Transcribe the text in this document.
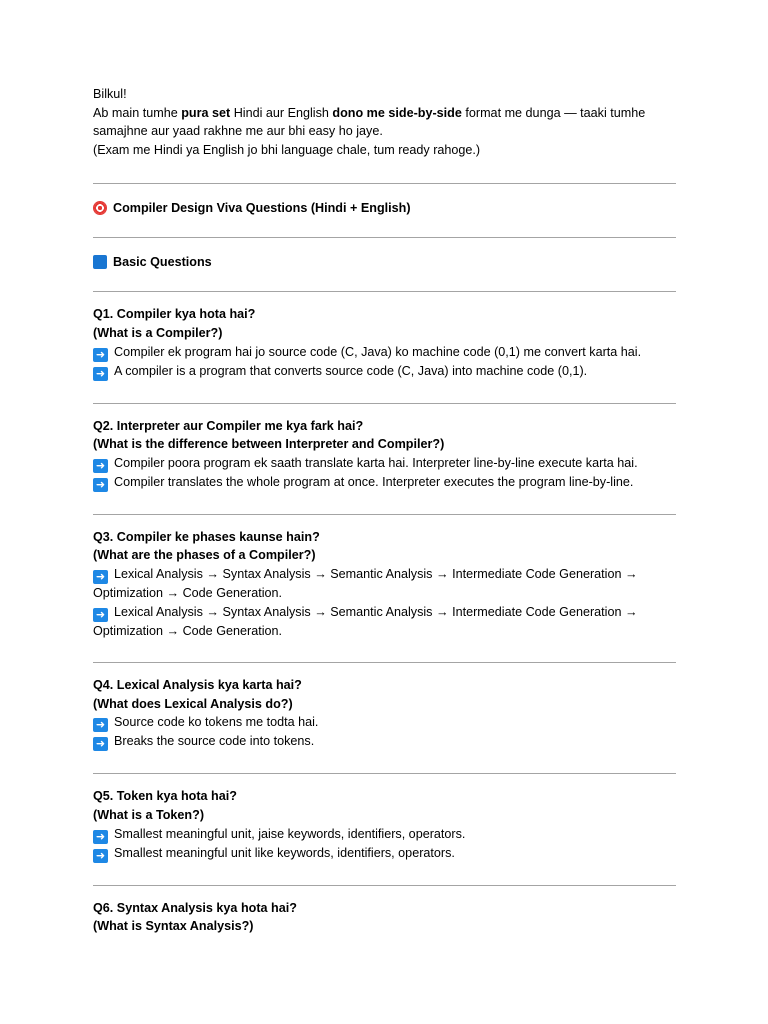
Bilkul!

Ab main tumhe pura set Hindi aur English dono me side-by-side format me dunga — taaki tumhe samajhne aur yaad rakhne me aur bhi easy ho jaye.

(Exam me Hindi ya English jo bhi language chale, tum ready rahoge.)

Compiler Design Viva Questions (Hindi + English)
Basic Questions

Q1. Compiler kya hota hai?

(What is a Compiler?)

➜ Compiler ek program hai jo source code (C, Java) ko machine code (0,1) me convert karta hai.

➜ A compiler is a program that converts source code (C, Java) into machine code (0,1).

Q2. Interpreter aur Compiler me kya fark hai?

(What is the difference between Interpreter and Compiler?)

➜ Compiler poora program ek saath translate karta hai. Interpreter line-by-line execute karta hai.

➜ Compiler translates the whole program at once. Interpreter executes the program line-by-line.

Q3. Compiler ke phases kaunse hain?

(What are the phases of a Compiler?)

➜ Lexical Analysis → Syntax Analysis → Semantic Analysis → Intermediate Code Generation → Optimization → Code Generation.

➜ Lexical Analysis → Syntax Analysis → Semantic Analysis → Intermediate Code Generation → Optimization → Code Generation.

Q4. Lexical Analysis kya karta hai?

(What does Lexical Analysis do?)

➜ Source code ko tokens me todta hai.

➜ Breaks the source code into tokens.

Q5. Token kya hota hai?

(What is a Token?)

➜ Smallest meaningful unit, jaise keywords, identifiers, operators.

➜ Smallest meaningful unit like keywords, identifiers, operators.

Q6. Syntax Analysis kya hota hai?

(What is Syntax Analysis?)
